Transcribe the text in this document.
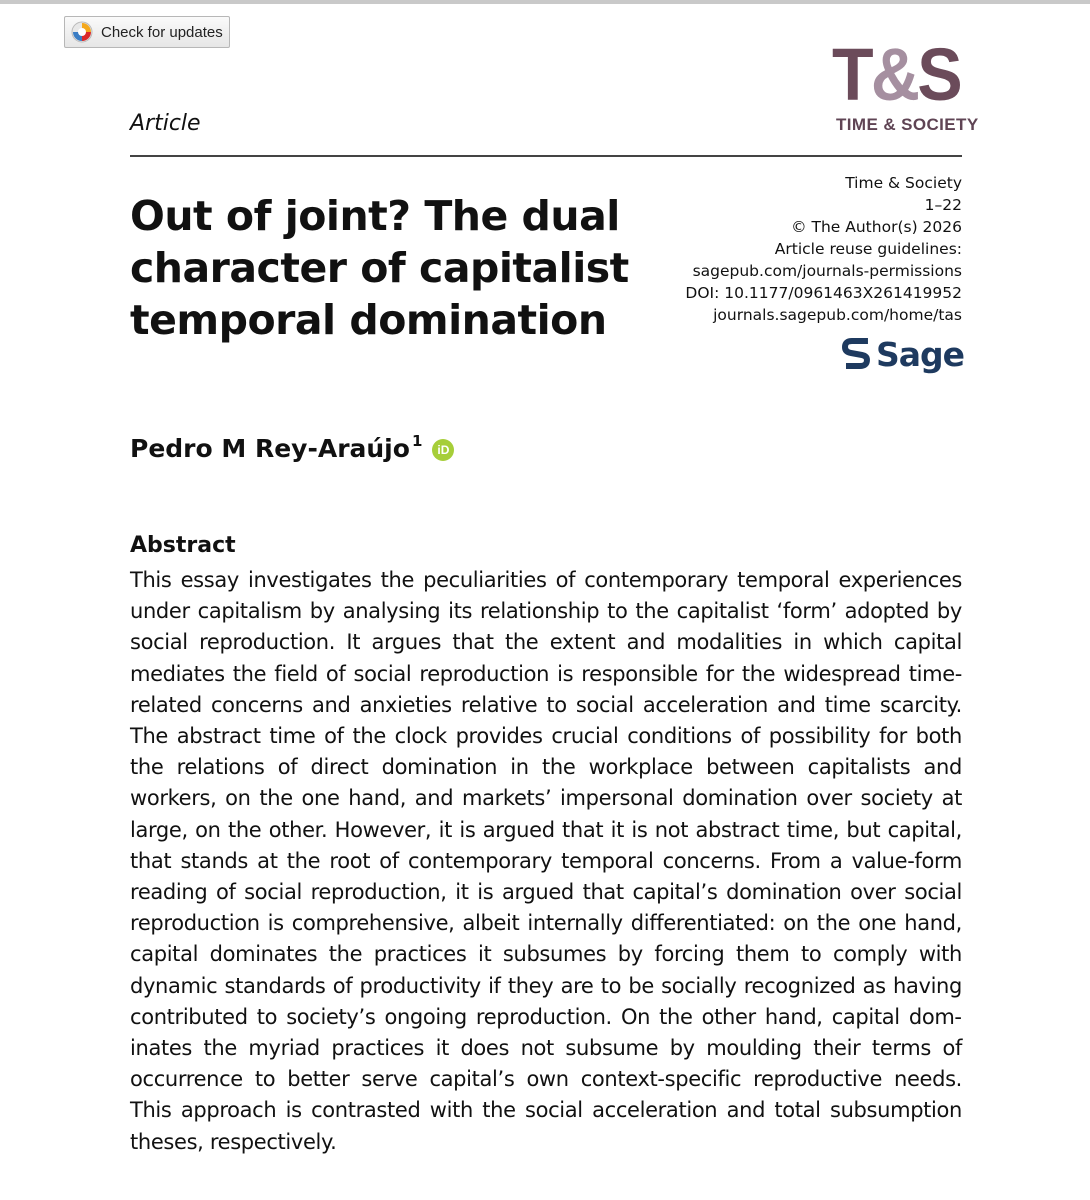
Check for updates
T&S
TIME & SOCIETY
Article
Out of joint? The dual character of capitalist temporal domination
Time & Society
1–22
© The Author(s) 2026
Article reuse guidelines:
sagepub.com/journals-permissions
DOI: 10.1177/0961463X261419952
journals.sagepub.com/home/tas
Sage
Pedro M Rey-Araújo$^1$	iD
Abstract

This essay investigates the peculiarities of contemporary temporal experiences under capitalism by analysing its relationship to the capitalist ‘form’ adopted by social reproduction. It argues that the extent and modalities in which capital mediates the field of social reproduction is responsible for the widespread time-related concerns and anxieties relative to social acceleration and time scarcity. The abstract time of the clock provides crucial conditions of possibility for both the relations of direct domination in the workplace between capitalists and workers, on the one hand, and markets’ impersonal domination over society at large, on the other. However, it is argued that it is not abstract time, but capital, that stands at the root of contemporary temporal concerns. From a value-form reading of social reproduction, it is argued that capital’s domination over social reproduction is comprehensive, albeit internally differentiated: on the one hand, capital dominates the practices it subsumes by forcing them to comply with dynamic standards of productivity if they are to be socially recognized as having contributed to society’s ongoing reproduction. On the other hand, capital dominates the myriad practices it does not subsume by moulding their terms of occurrence to better serve capital’s own context-specific reproductive needs. This approach is contrasted with the social acceleration and total subsumption theses, respectively.
